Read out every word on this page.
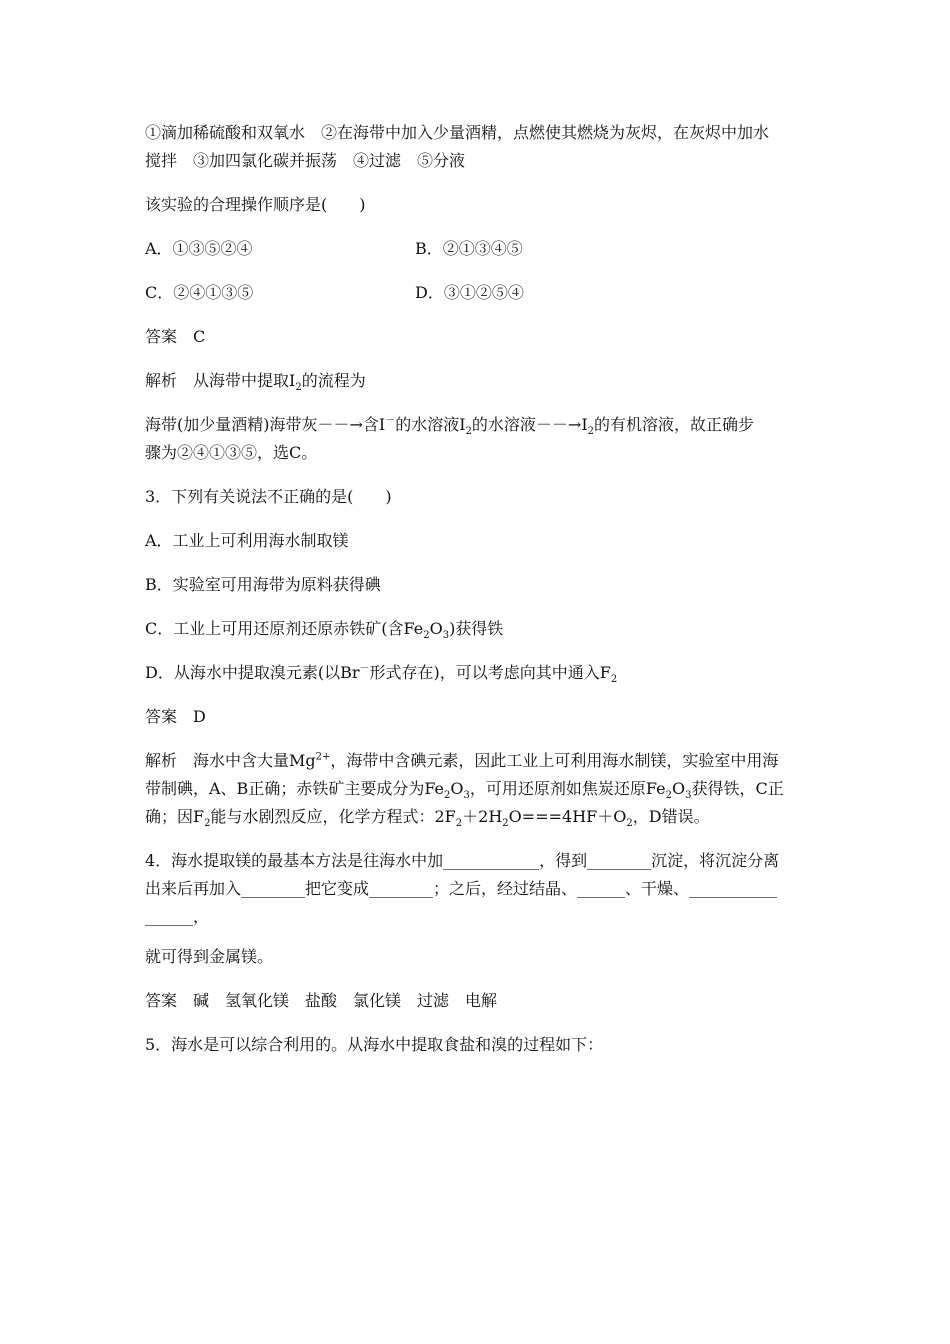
①滴加稀硫酸和双氧水　②在海带中加入少量酒精，点燃使其燃烧为灰烬，在灰烬中加水
搅拌　③加四氯化碳并振荡　④过滤　⑤分液
该实验的合理操作顺序是(　　)
A．①③⑤②④	B．②①③④⑤
C．②④①③⑤	D．③①②⑤④
答案　C
解析　从海带中提取$I_2$的流程为
海带(加少量酒精)海带灰－－→含I－的水溶液$I_2$的水溶液$--\to I_2$的有机溶液，故正确步
骤为②④①③⑤，选C。
3．下列有关说法不正确的是(　　)
A．工业上可利用海水制取镁
B．实验室可用海带为原料获得碘
C．工业上可用还原剂还原赤铁矿(含$Fe_2O_3$)获得铁
D．从海水中提取溴元素(以Br－形式存在)，可以考虑向其中通入$F_2$
答案　D
解析　海水中含大量$Mg^{2+}$，海带中含碘元素，因此工业上可利用海水制镁，实验室中用海
带制碘，A、B正确；赤铁矿主要成分为$Fe_2O_3$，可用还原剂如焦炭还原$Fe_2O_3$获得铁，C正
确；因$F_2$能与水剧烈反应，化学方程式：$2F_2+2H_2O===4HF+O_2$，D错误。
4．海水提取镁的最基本方法是往海水中加____________，得到________沉淀，将沉淀分离
出来后再加入________把它变成________；之后，经过结晶、______、干燥、___________
______，
就可得到金属镁。
答案　碱　氢氧化镁　盐酸　氯化镁　过滤　电解
5．海水是可以综合利用的。从海水中提取食盐和溴的过程如下：
